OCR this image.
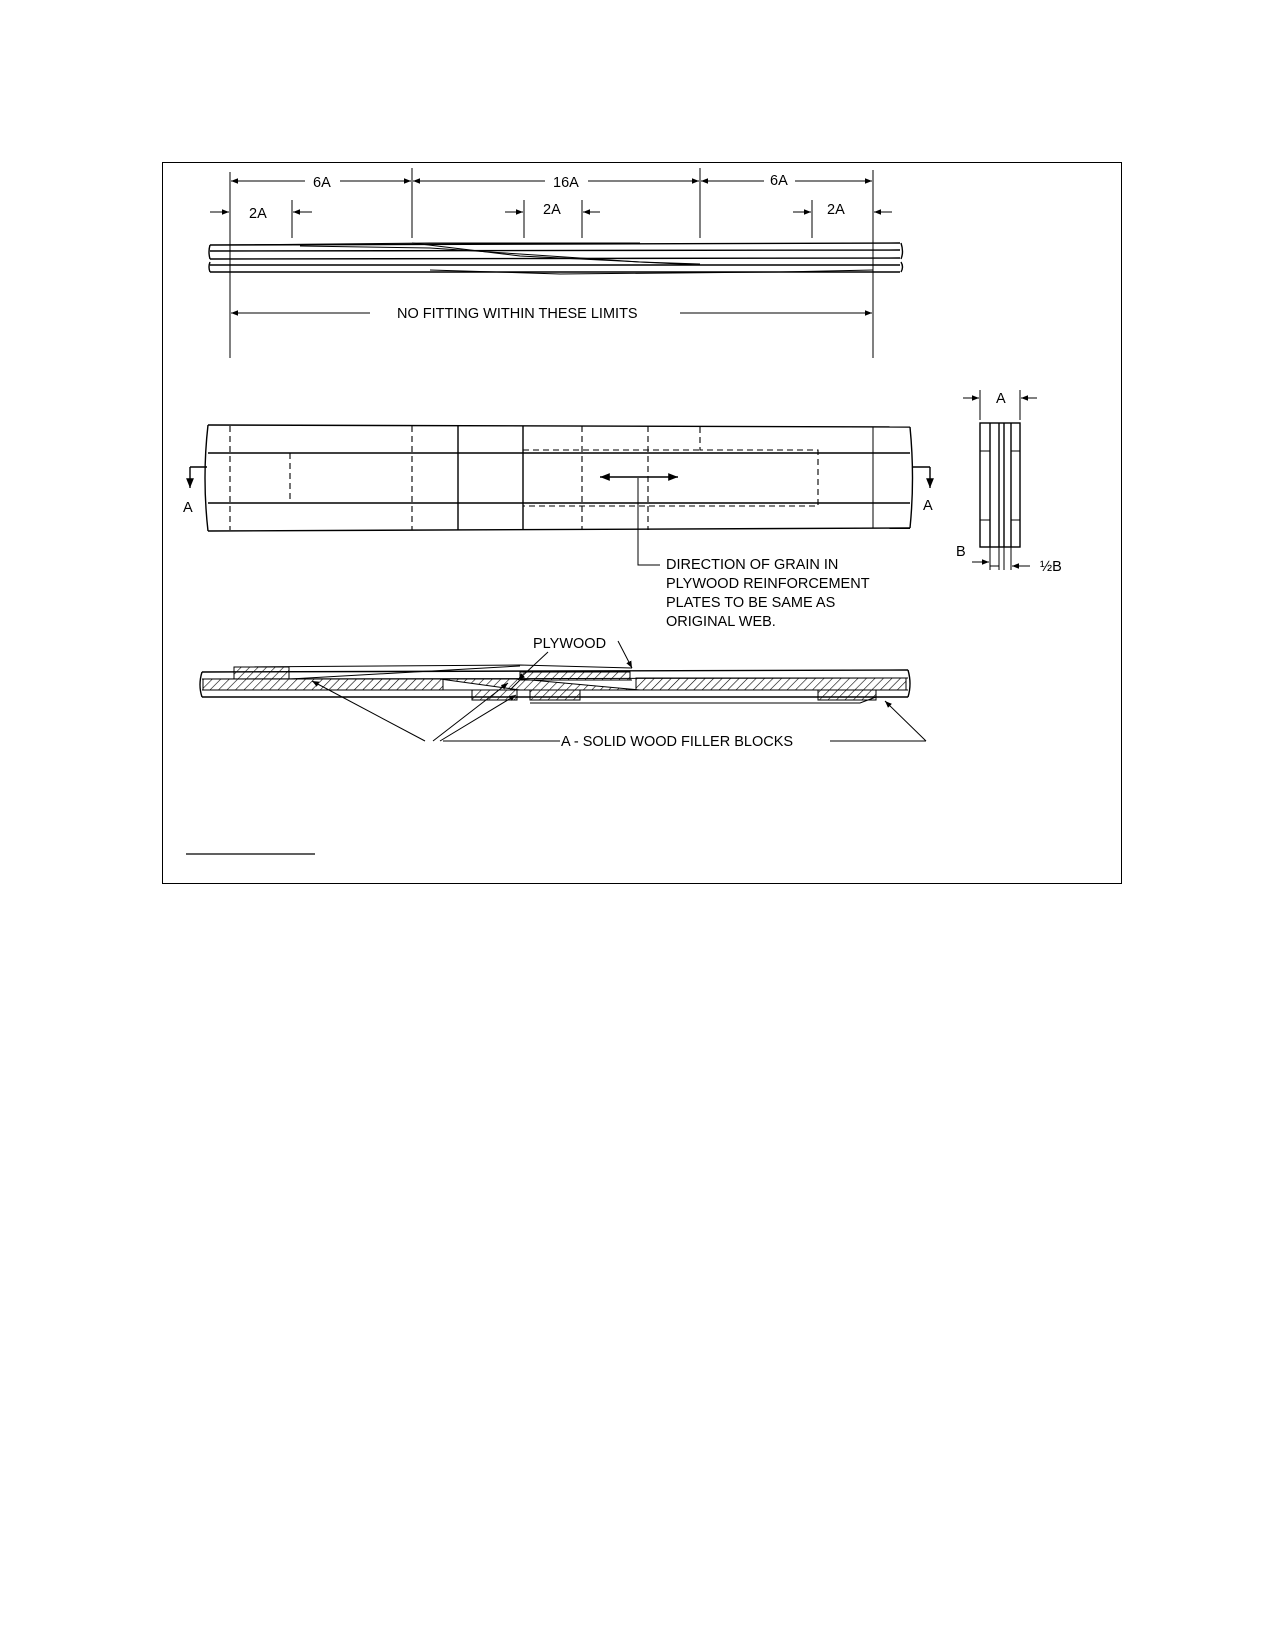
6A	16A	6A
2A	2A	2A
NO FITTING WITHIN THESE LIMITS
A	A
DIRECTION OF GRAIN IN
PLYWOOD REINFORCEMENT
PLATES TO BE SAME AS
ORIGINAL WEB.
A
B
½B
PLYWOOD
A - SOLID WOOD FILLER BLOCKS
